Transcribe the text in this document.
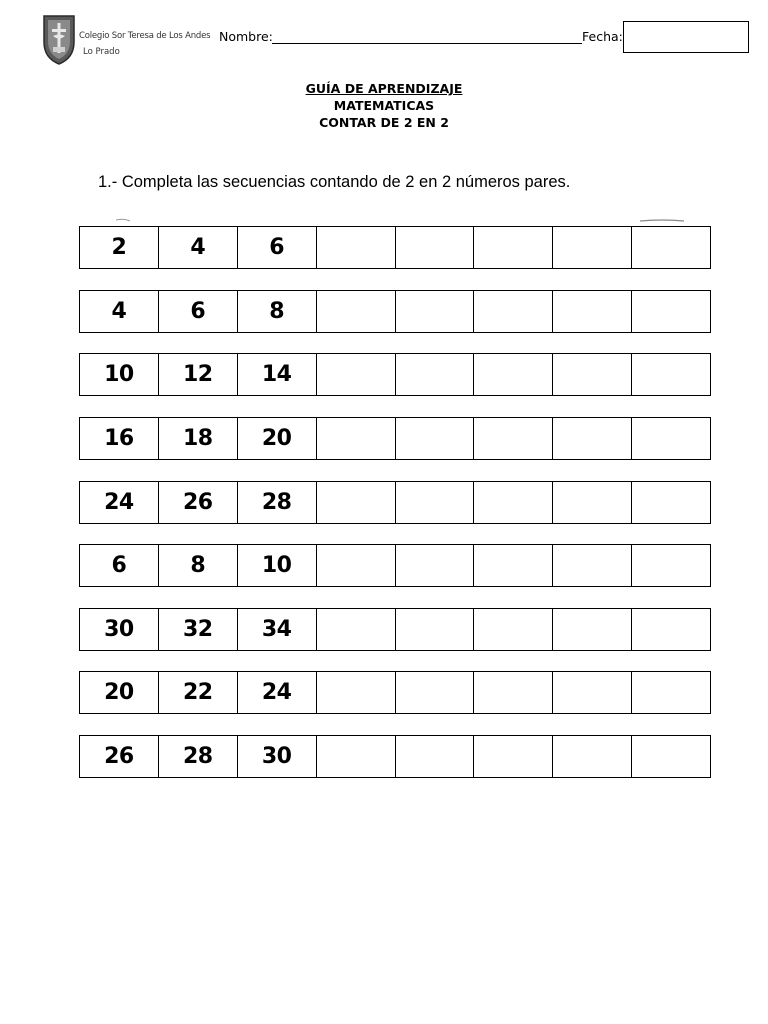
Colegio Sor Teresa de Los Andes
Lo Prado
Nombre:	Fecha:
GUÍA DE APRENDIZAJE
MATEMATICAS
CONTAR DE 2 EN 2
1.- Completa las secuencias contando de 2 en 2 números pares.
2	4	6
4	6	8
10	12	14
16	18	20
24	26	28
6	8	10
30	32	34
20	22	24
26	28	30
